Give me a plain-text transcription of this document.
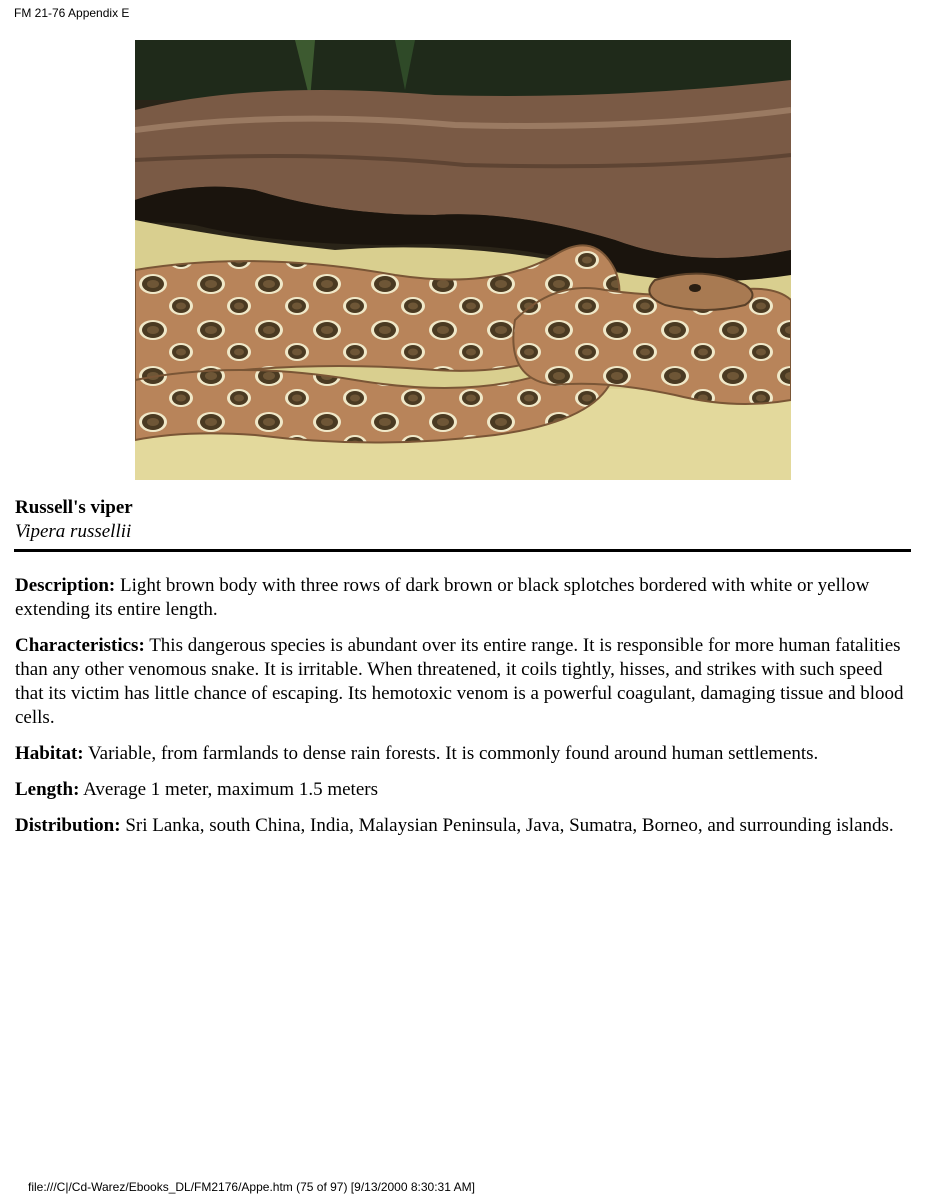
FM 21-76 Appendix E
Russell's viper
Vipera russellii

Description: Light brown body with three rows of dark brown or black splotches bordered with white or yellow extending its entire length.

Characteristics: This dangerous species is abundant over its entire range. It is responsible for more human fatalities than any other venomous snake. It is irritable. When threatened, it coils tightly, hisses, and strikes with such speed that its victim has little chance of escaping. Its hemotoxic venom is a powerful coagulant, damaging tissue and blood cells.

Habitat: Variable, from farmlands to dense rain forests. It is commonly found around human settlements.

Length: Average 1 meter, maximum 1.5 meters

Distribution: Sri Lanka, south China, India, Malaysian Peninsula, Java, Sumatra, Borneo, and surrounding islands.

file:///C|/Cd-Warez/Ebooks_DL/FM2176/Appe.htm (75 of 97) [9/13/2000 8:30:31 AM]
